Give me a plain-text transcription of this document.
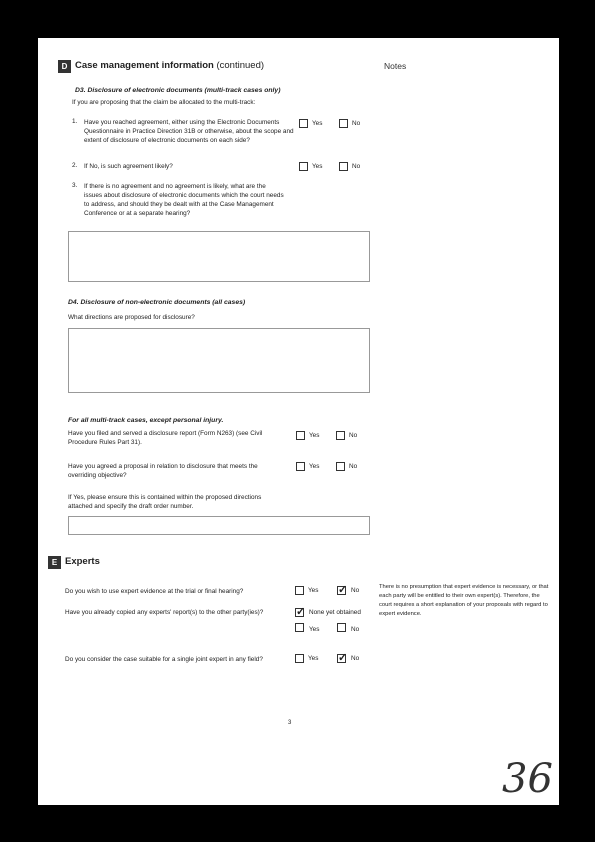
D Case management information (continued)	Notes
D3. Disclosure of electronic documents (multi-track cases only)
If you are proposing that the claim be allocated to the multi-track:
1. Have you reached agreement, either using the Electronic Documents Questionnaire in Practice Direction 31B or otherwise, about the scope and extent of disclosure of electronic documents on each side?
Yes	No
2. If No, is such agreement likely?	Yes	No
3. If there is no agreement and no agreement is likely, what are the issues about disclosure of electronic documents which the court needs to address, and should they be dealt with at the Case Management Conference or at a separate hearing?
D4. Disclosure of non-electronic documents (all cases)
What directions are proposed for disclosure?
For all multi-track cases, except personal injury.
Have you filed and served a disclosure report (Form N263) (see Civil Procedure Rules Part 31).
Yes	No
Have you agreed a proposal in relation to disclosure that meets the overriding objective?
Yes	No
If Yes, please ensure this is contained within the proposed directions attached and specify the draft order number.
E Experts
Do you wish to use expert evidence at the trial or final hearing?	Yes ✓	No
Have you already copied any experts' report(s) to the other party(ies)? ✓	None yet obtained
Yes	No
Do you consider the case suitable for a single joint expert in any field?	Yes ✓	No
There is no presumption that expert evidence is necessary, or that each party will be entitled to their own expert(s). Therefore, the court requires a short explanation of your proposals with regard to expert evidence.
3
36
